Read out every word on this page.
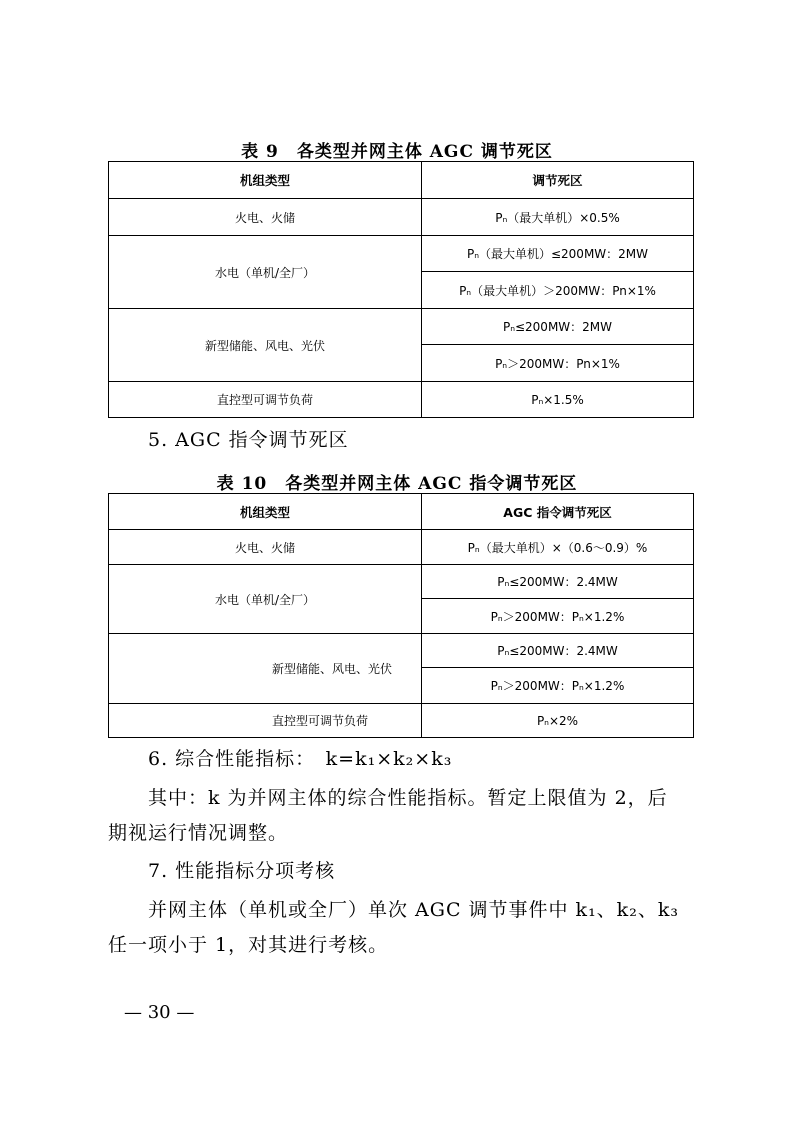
表 9　各类型并网主体 AGC 调节死区
机组类型	调节死区
火电、火储	Pₙ（最大单机）×0.5%
水电（单机/全厂）	Pₙ（最大单机）≤200MW：2MW
	Pₙ（最大单机）＞200MW：Pn×1%
新型储能、风电、光伏	Pₙ≤200MW：2MW
	Pₙ＞200MW：Pn×1%
直控型可调节负荷	Pₙ×1.5%
5. AGC 指令调节死区
表 10　各类型并网主体 AGC 指令调节死区
机组类型	AGC 指令调节死区
火电、火储	Pₙ（最大单机）×（0.6～0.9）%
水电（单机/全厂）	Pₙ≤200MW：2.4MW
	Pₙ＞200MW：Pₙ×1.2%
新型储能、风电、光伏	Pₙ≤200MW：2.4MW
	Pₙ＞200MW：Pₙ×1.2%
直控型可调节负荷	Pₙ×2%
6. 综合性能指标：　k=k₁×k₂×k₃
其中：k 为并网主体的综合性能指标。暂定上限值为 2，后
期视运行情况调整。
7. 性能指标分项考核
并网主体（单机或全厂）单次 AGC 调节事件中 k₁、k₂、k₃
任一项小于 1，对其进行考核。
— 30 —
